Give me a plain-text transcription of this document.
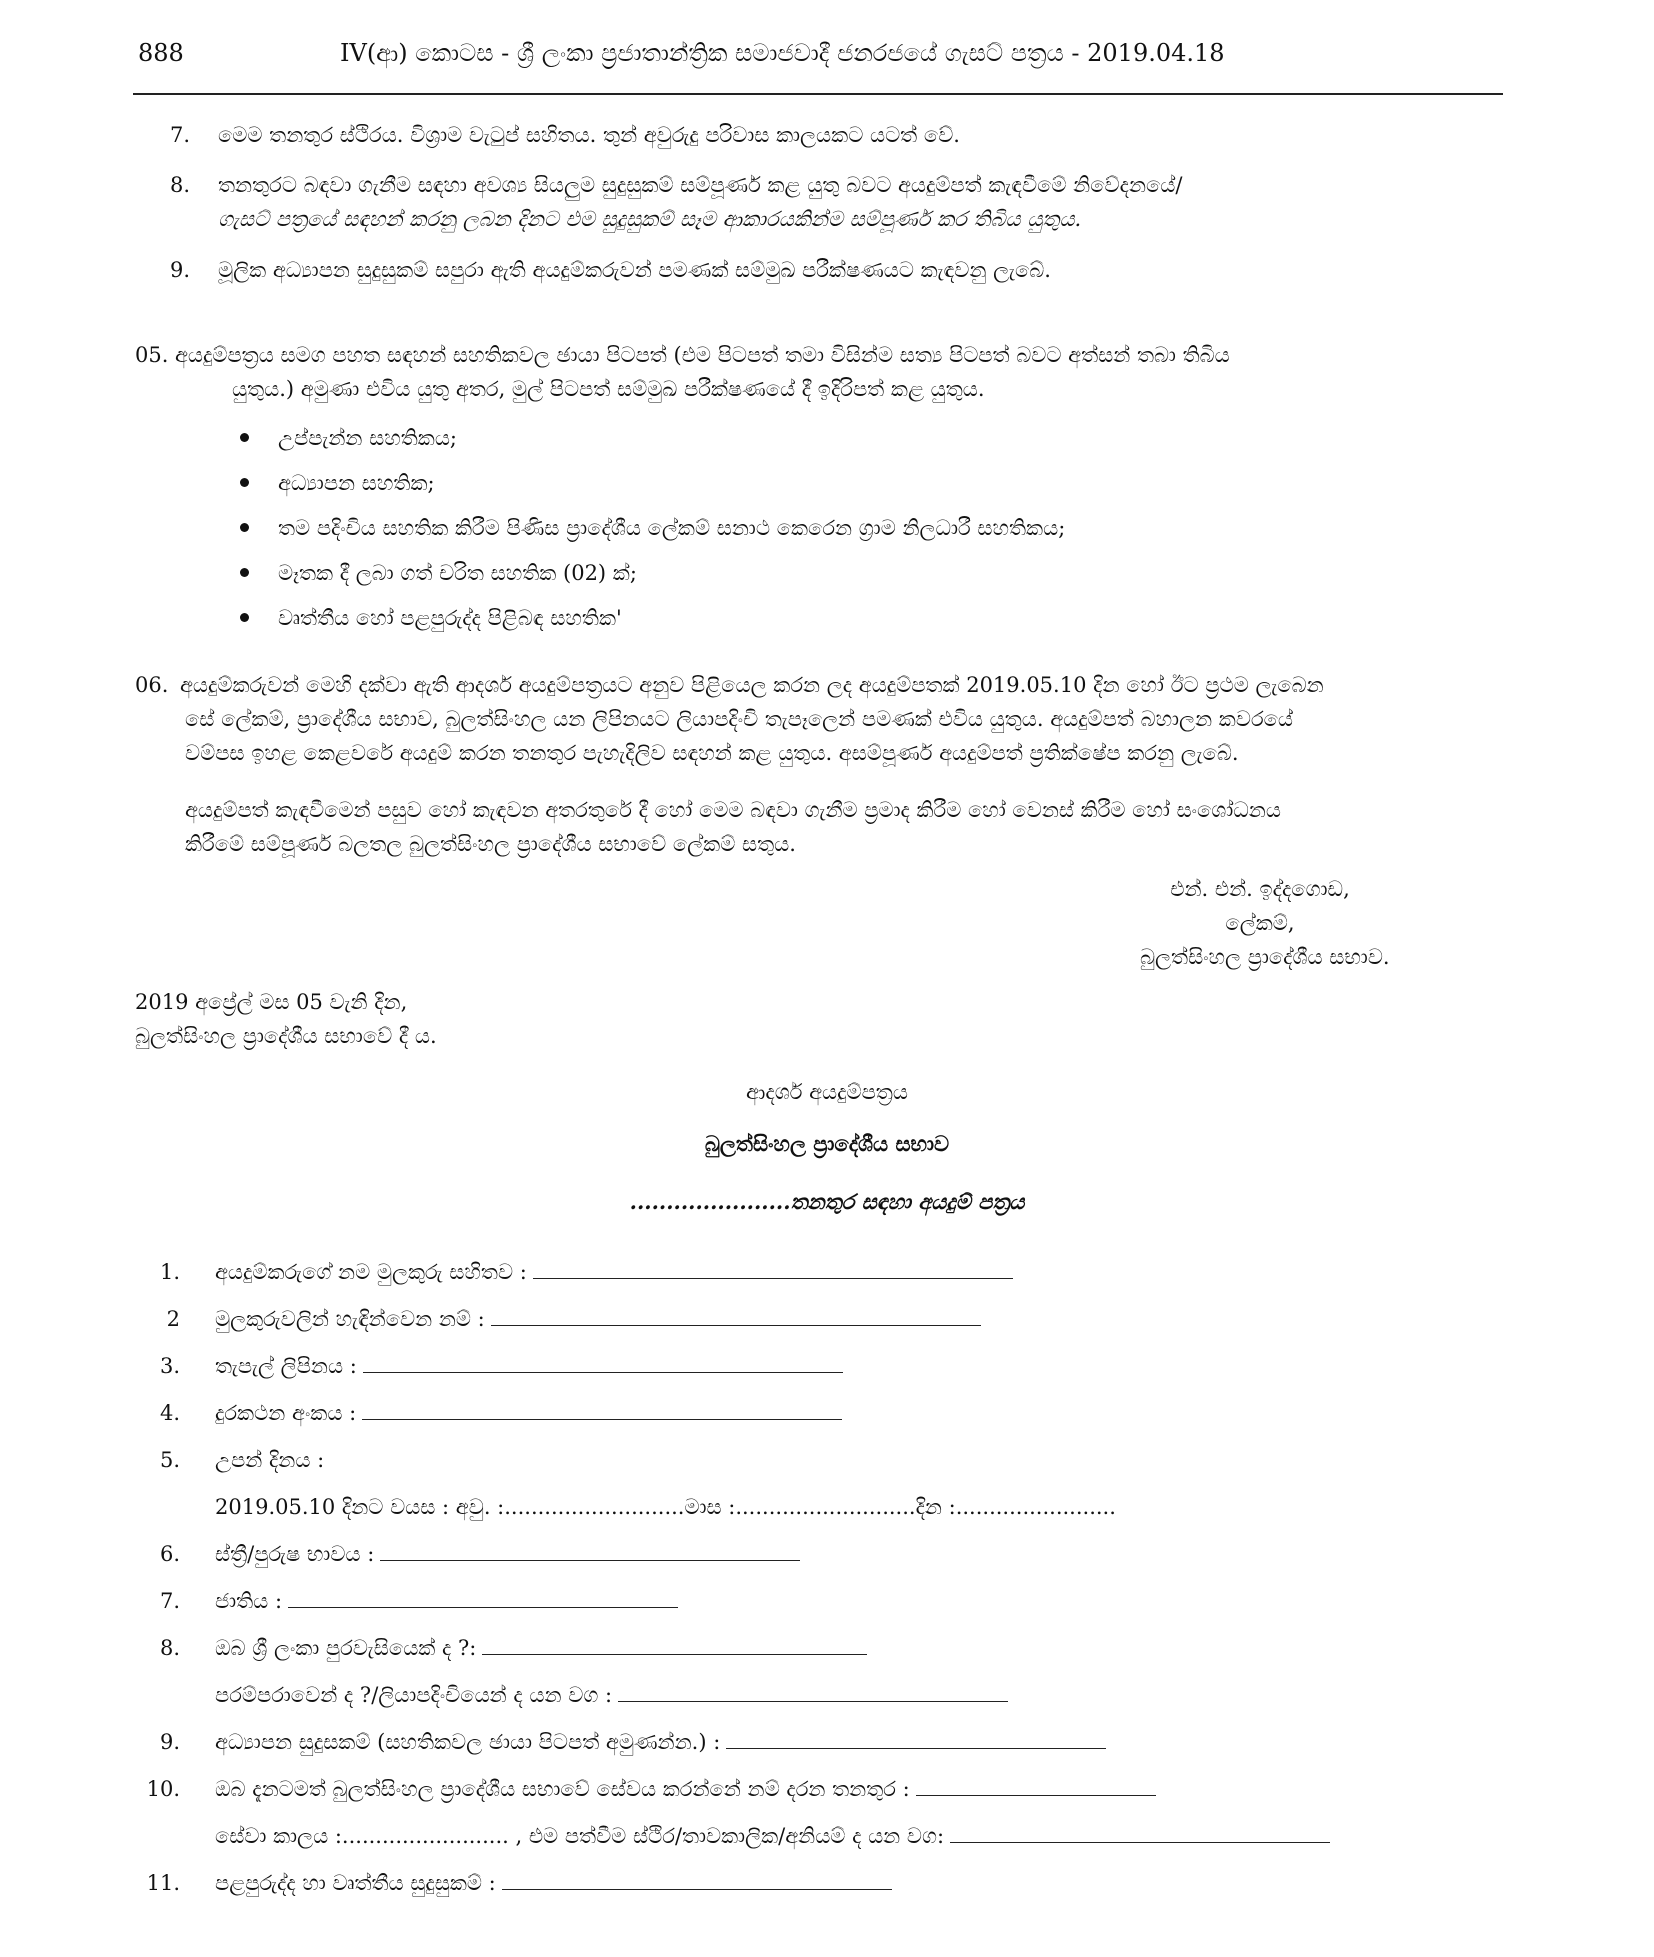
888	IV(ආ) කොටස - ශ්‍රී ලංකා ප්‍රජාතාන්ත්‍රික සමාජවාදී ජනරජයේ ගැසට් පත්‍රය - 2019.04.18
7. මෙම තනතුර ස්ථිරය. විශ්‍රාම වැටුප් සහිතය. තුන් අවුරුදු පරිවාස කාලයකට යටත් වේ.
8. තනතුරට බඳවා ගැනීම සඳහා අවශ්‍ය සියලුම සුදුසුකම් සම්පූර්ණ කළ යුතු බවට අයදුම්පත් කැඳවීමේ නිවේදනයේ/
ගැසට් පත්‍රයේ සඳහන් කරනු ලබන දිනට එම සුදුසුකම් සෑම ආකාරයකින්ම සම්පූර්ණ කර තිබිය යුතුය.
9. මූලික අධ්‍යාපන සුදුසුකම් සපුරා ඇති අයදුම්කරුවන් පමණක් සම්මුඛ පරීක්ෂණයට කැඳවනු ලැබේ.
05. අයදුම්පත්‍රය සමග පහත සඳහන් සහතිකවල ඡායා පිටපත් (එම පිටපත් තමා විසින්ම සත්‍ය පිටපත් බවට අත්සන් තබා තිබිය
යුතුය.) අමුණා එවිය යුතු අතර, මුල් පිටපත් සම්මුඛ පරීක්ෂණයේ දී ඉදිරිපත් කළ යුතුය.
උප්පැන්න සහතිකය;
අධ්‍යාපන සහතික;
තම පදිංචිය සහතික කිරීම පිණිස ප්‍රාදේශීය ලේකම් සනාථ කෙරෙන ග්‍රාම නිලධාරී සහතිකය;
මෑතක දී ලබා ගත් චරිත සහතික (02) ක්;
වෘත්තීය හෝ පළපුරුද්ද පිළිබඳ සහතික'
06. අයදුම්කරුවන් මෙහි දක්වා ඇති ආදර්ශ අයදුම්පත්‍රයට අනුව පිළියෙල කරන ලද අයදුම්පතක් 2019.05.10 දින හෝ ඊට ප්‍රථම ලැබෙන
සේ ලේකම්, ප්‍රාදේශීය සභාව, බුලත්සිංහල යන ලිපිනයට ලියාපදිංචි තැපෑලෙන් පමණක් එවිය යුතුය. අයදුම්පත් බහාලන කවරයේ
වම්පස ඉහළ කෙළවරේ අයදුම් කරන තනතුර පැහැදිලිව සඳහන් කළ යුතුය. අසම්පූර්ණ අයදුම්පත් ප්‍රතික්ෂේප කරනු ලැබේ.
අයදුම්පත් කැඳවීමෙන් පසුව හෝ කැඳවන අතරතුරේ දී හෝ මෙම බඳවා ගැනීම ප්‍රමාද කිරීම හෝ වෙනස් කිරීම හෝ සංශෝධනය
කිරීමේ සම්පූර්ණ බලතල බුලත්සිංහල ප්‍රාදේශීය සභාවේ ලේකම් සතුය.
එන්. එන්. ඉද්දගොඩ,
ලේකම්,
බුලත්සිංහල ප්‍රාදේශීය සභාව.
2019 අප්‍රේල් මස 05 වැනි දින,
බුලත්සිංහල ප්‍රාදේශීය සභාවේ දී ය.
ආදර්ශ අයදුම්පත්‍රය
බුලත්සිංහල ප්‍රාදේශීය සභාව
......................තනතුර සඳහා අයදුම් පත්‍රය
1. අයදුම්කරුගේ නම මුලකුරු සහිතව :
2 මුලකුරුවලින් හැඳින්වෙන නම් :
3. තැපැල් ලිපිනය :
4. දුරකථන අංකය :
5. උපන් දිනය :
2019.05.10 දිනට වයස : අවු. :...........................මාස :...........................දින :........................
6. ස්ත්‍රී/පුරුෂ භාවය :
7. ජාතිය :
8. ඔබ ශ්‍රී ලංකා පුරවැසියෙක් ද ?:
පරම්පරාවෙන් ද ?/ලියාපදිංචියෙන් ද යන වග :
9. අධ්‍යාපන සුදුසකම් (සහතිකවල ඡායා පිටපත් අමුණන්න.) :
10. ඔබ දැනටමත් බුලත්සිංහල ප්‍රාදේශීය සභාවේ සේවය කරන්නේ නම් දරන තනතුර :
සේවා කාලය :......................... , එම පත්වීම ස්ථිර/තාවකාලික/අනියම් ද යන වග:
11. පළපුරුද්ද හා වෘත්තීය සුදුසුකම් :
